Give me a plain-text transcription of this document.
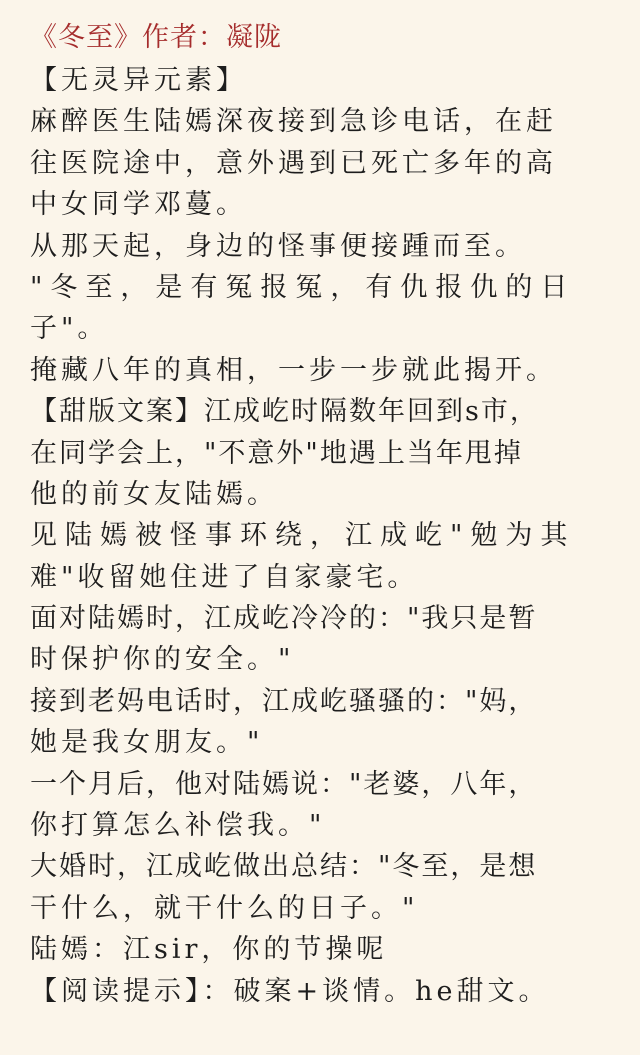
《冬至》作者：凝陇
【无灵异元素】
麻醉医生陆嫣深夜接到急诊电话，在赶
往医院途中，意外遇到已死亡多年的高
中女同学邓蔓。
从那天起，身边的怪事便接踵而至。
"冬至，是有冤报冤，有仇报仇的日
子"。
掩藏八年的真相，一步一步就此揭开。
【甜版文案】江成屹时隔数年回到s市，
在同学会上，"不意外"地遇上当年甩掉
他的前女友陆嫣。
见陆嫣被怪事环绕，江成屹"勉为其
难"收留她住进了自家豪宅。
面对陆嫣时，江成屹冷冷的："我只是暂
时保护你的安全。"
接到老妈电话时，江成屹骚骚的："妈，
她是我女朋友。"
一个月后，他对陆嫣说："老婆，八年，
你打算怎么补偿我。"
大婚时，江成屹做出总结："冬至，是想
干什么，就干什么的日子。"
陆嫣：江sir，你的节操呢
【阅读提示】：破案+谈情。he甜文。
